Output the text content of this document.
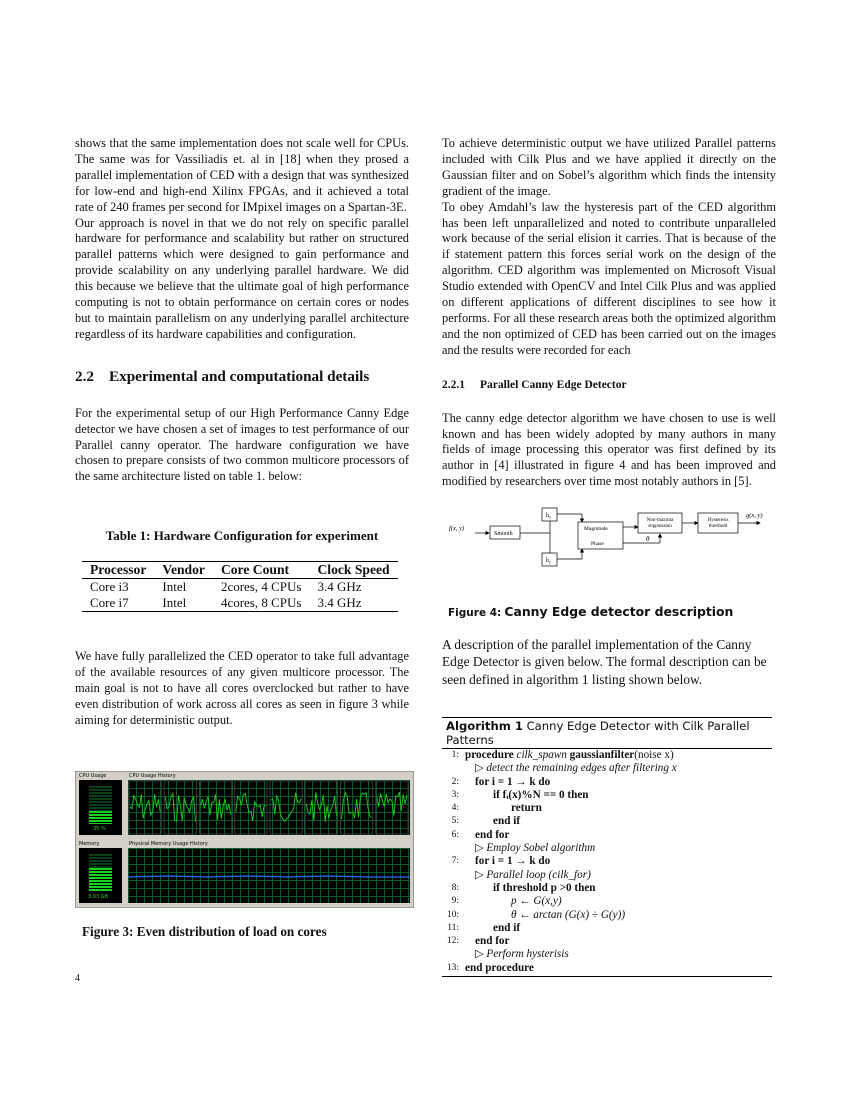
shows that the same implementation does not scale well for CPUs. The same was for Vassiliadis et. al in [18] when they prosed a parallel implementation of CED with a design that was synthesized for low-end and high-end Xilinx FPGAs, and it achieved a total rate of 240 frames per second for IMpixel images on a Spartan-3E.

Our approach is novel in that we do not rely on specific parallel hardware for performance and scalability but rather on structured parallel patterns which were designed to gain performance and provide scalability on any underlying parallel hardware. We did this because we believe that the ultimate goal of high performance computing is not to obtain performance on certain cores or nodes but to maintain parallelism on any underlying parallel architecture regardless of its hardware capabilities and configuration.

2.2 Experimental and computational details

For the experimental setup of our High Performance Canny Edge detector we have chosen a set of images to test performance of our Parallel canny operator. The hardware configuration we have chosen to prepare consists of two common multicore processors of the same architecture listed on table 1. below:

Table 1: Hardware Configuration for experiment
Processor	Vendor	Core Count	Clock Speed
Core i3	Intel	2cores, 4 CPUs	3.4 GHz
Core i7	Intel	4cores, 8 CPUs	3.4 GHz

We have fully parallelized the CED operator to take full advantage of the available resources of any given multicore processor. The main goal is not to have all cores overclocked but rather to have even distribution of work across all cores as seen in figure 3 while aiming for deterministic output.

CPU Usage	CPU Usage History
35 %
Memory	Physical Memory Usage History
3.93 GB
Figure 3: Even distribution of load on cores
4

To achieve deterministic output we have utilized Parallel patterns included with Cilk Plus and we have applied it directly on the Gaussian filter and on Sobel’s algorithm which finds the intensity gradient of the image.

To obey Amdahl’s law the hysteresis part of the CED algorithm has been left unparallelized and noted to contribute unparalleled work because of the serial elision it carries. That is because of the if statement pattern this forces serial work on the design of the algorithm. CED algorithm was implemented on Microsoft Visual Studio extended with OpenCV and Intel Cilk Plus and was applied on different applications of different disciplines to see how it performs. For all these research areas both the optimized algorithm and the non optimized of CED has been carried out on the images and the results were recorded for each

2.2.1 Parallel Canny Edge Detector

The canny edge detector algorithm we have chosen to use is well known and has been widely adopted by many authors in many fields of image processing this operator was first defined by its author in [4] illustrated in figure 4 and has been improved and modified by researchers over time most notably authors in [5].

f(x, y)
Smooth
$h_x$
$h_y$
Magnitude
Phase
Non-maxima suppression
θ
Hysteresis threshold
g(x, y)
Figure 4: Canny Edge detector description
A description of the parallel implementation of the Canny Edge Detector is given below. The formal description can be seen defined in algorithm 1 listing shown below.
Algorithm 1 Canny Edge Detector with Cilk Parallel Patterns
1: procedure cilk_spawn gaussianfilter(noise x)
▷ detect the remaining edges after filtering x
2:	for i = 1 → k do
3:	if fᵢ(x)%N == 0 then
4:	return
5:	end if
6:	end for
▷ Employ Sobel algorithm
7:	for i = 1 → k do
▷ Parallel loop (cilk_for)
8:	if threshold p >0 then
9:	p ← G(x,y)
10:	θ ← arctan (G(x) ÷ G(y))
11:	end if
12:	end for
▷ Perform hysterisis
13: end procedure
